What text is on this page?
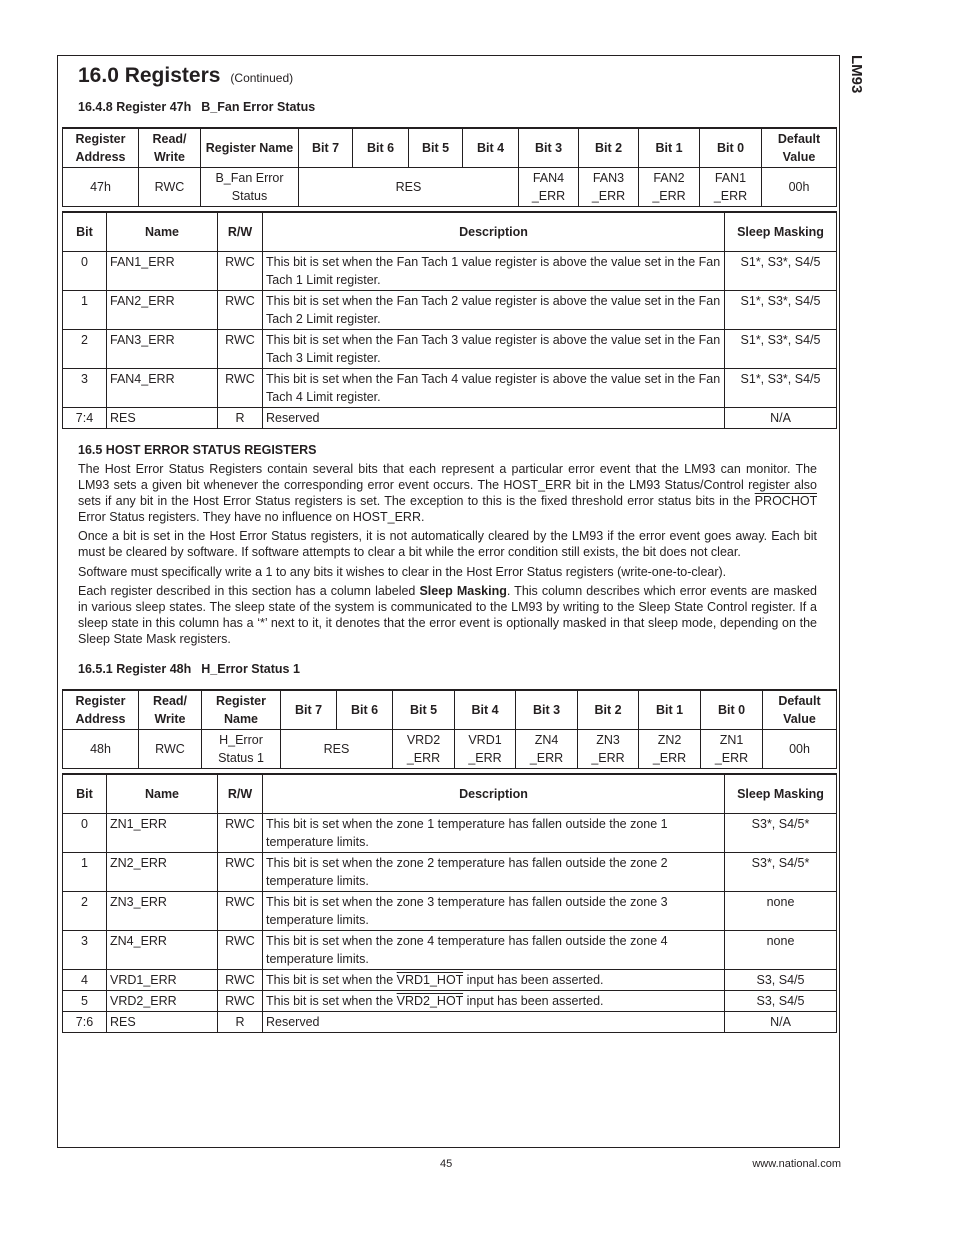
LM93
16.0 Registers (Continued)
16.4.8 Register 47h B_Fan Error Status
Register Address	Read/ Write	Register Name	Bit 7	Bit 6	Bit 5	Bit 4	Bit 3	Bit 2	Bit 1	Bit 0	Default Value
47h	RWC	B_Fan Error Status	RES				FAN4 _ERR	FAN3 _ERR	FAN2 _ERR	FAN1 _ERR	00h
Bit	Name	R/W	Description	Sleep Masking
0	FAN1_ERR	RWC	This bit is set when the Fan Tach 1 value register is above the value set in the Fan Tach 1 Limit register.	S1*, S3*, S4/5
1	FAN2_ERR	RWC	This bit is set when the Fan Tach 2 value register is above the value set in the Fan Tach 2 Limit register.	S1*, S3*, S4/5
2	FAN3_ERR	RWC	This bit is set when the Fan Tach 3 value register is above the value set in the Fan Tach 3 Limit register.	S1*, S3*, S4/5
3	FAN4_ERR	RWC	This bit is set when the Fan Tach 4 value register is above the value set in the Fan Tach 4 Limit register.	S1*, S3*, S4/5
7:4	RES	R	Reserved	N/A
16.5 HOST ERROR STATUS REGISTERS

The Host Error Status Registers contain several bits that each represent a particular error event that the LM93 can monitor. The LM93 sets a given bit whenever the corresponding error event occurs. The HOST_ERR bit in the LM93 Status/Control register also sets if any bit in the Host Error Status registers is set. The exception to this is the fixed threshold error status bits in the PROCHOT Error Status registers. They have no influence on HOST_ERR.

Once a bit is set in the Host Error Status registers, it is not automatically cleared by the LM93 if the error event goes away. Each bit must be cleared by software. If software attempts to clear a bit while the error condition still exists, the bit does not clear.

Software must specifically write a 1 to any bits it wishes to clear in the Host Error Status registers (write-one-to-clear).

Each register described in this section has a column labeled Sleep Masking. This column describes which error events are masked in various sleep states. The sleep state of the system is communicated to the LM93 by writing to the Sleep State Control register. If a sleep state in this column has a ‘*’ next to it, it denotes that the error event is optionally masked in that sleep mode, depending on the Sleep State Mask registers.

16.5.1 Register 48h H_Error Status 1
Register Address	Read/ Write	Register Name	Bit 7	Bit 6	Bit 5	Bit 4	Bit 3	Bit 2	Bit 1	Bit 0	Default Value
48h	RWC	H_Error Status 1	RES		VRD2 _ERR	VRD1 _ERR	ZN4 _ERR	ZN3 _ERR	ZN2 _ERR	ZN1 _ERR	00h
Bit	Name	R/W	Description	Sleep Masking
0	ZN1_ERR	RWC	This bit is set when the zone 1 temperature has fallen outside the zone 1 temperature limits.	S3*, S4/5*
1	ZN2_ERR	RWC	This bit is set when the zone 2 temperature has fallen outside the zone 2 temperature limits.	S3*, S4/5*
2	ZN3_ERR	RWC	This bit is set when the zone 3 temperature has fallen outside the zone 3 temperature limits.	none
3	ZN4_ERR	RWC	This bit is set when the zone 4 temperature has fallen outside the zone 4 temperature limits.	none
4	VRD1_ERR	RWC	This bit is set when the VRD1_HOT input has been asserted.	S3, S4/5
5	VRD2_ERR	RWC	This bit is set when the VRD2_HOT input has been asserted.	S3, S4/5
7:6	RES	R	Reserved	N/A
45	www.national.com
